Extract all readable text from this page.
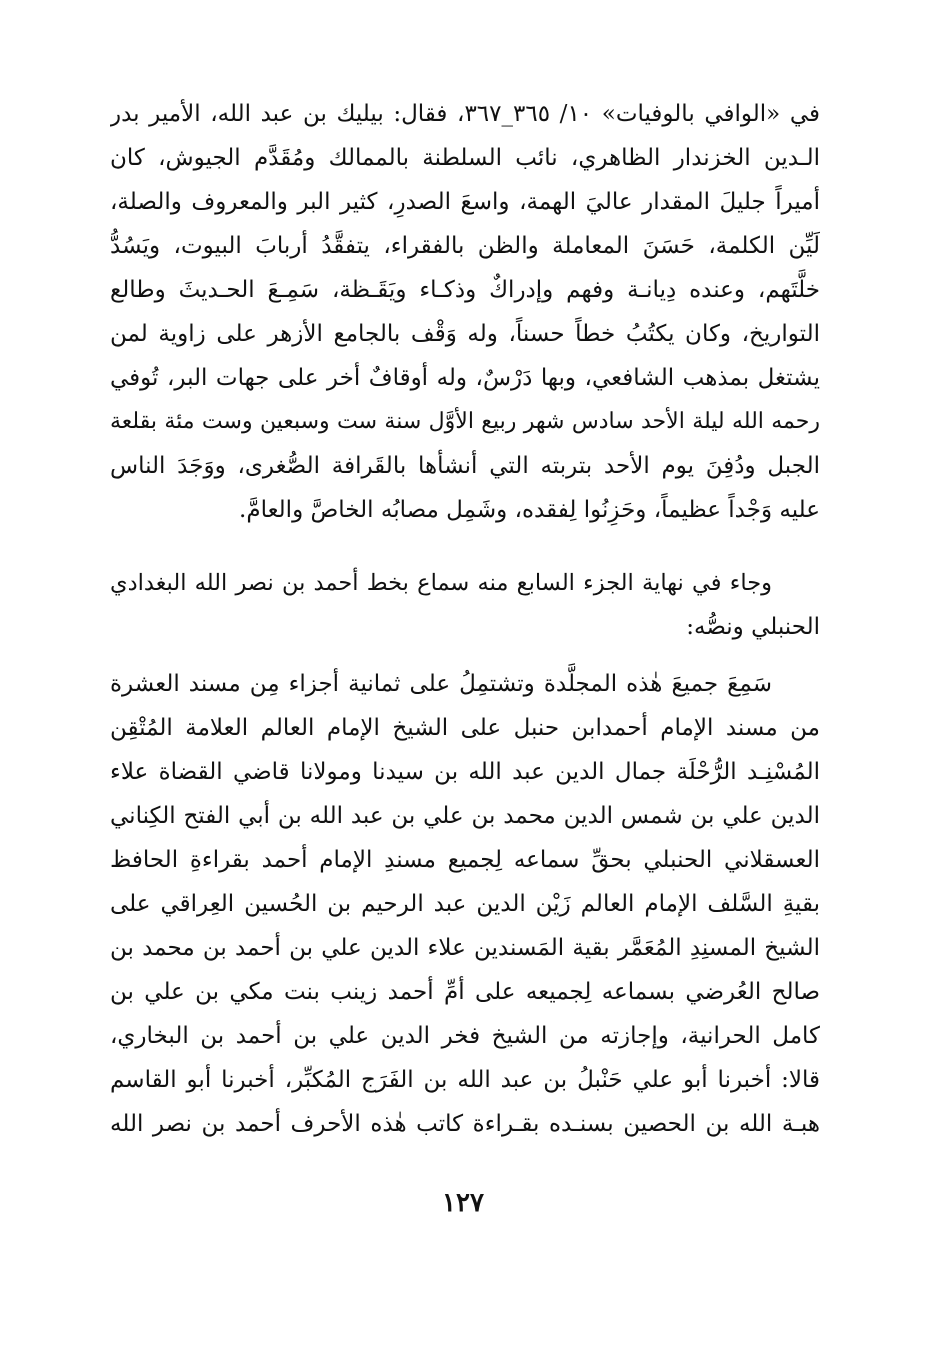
في «الوافي بالوفيات» ١٠/ ٣٦٥_٣٦٧، فقال: بيليك بن عبد الله، الأمير بدر
الـدين الخزندار الظاهري، نائب السلطنة بالممالك ومُقَدَّم الجيوش، كان
أميراً جليلَ المقدار عاليَ الهمة، واسعَ الصدرِ، كثير البر والمعروف والصلة،
لَيِّن الكلمة، حَسَنَ المعاملة والظن بالفقراء، يتفقَّدُ أربابَ البيوت، ويَسُدُّ
خلَّتَهم، وعنده دِيانـة وفهم وإدراكٌ وذكـاء ويَقَـظة، سَمِـعَ الحـديثَ وطالع
التواريخ، وكان يكتُبُ خطاً حسناً، وله وَقْف بالجامع الأزهر على زاوية لمن
يشتغل بمذهب الشافعي، وبها دَرْسٌ، وله أوقافٌ أخر على جهات البر، تُوفي
رحمه الله ليلة الأحد سادس شهر ربيع الأوَّل سنة ست وسبعين وست مئة بقلعة
الجبل ودُفِنَ يوم الأحد بتربته التي أنشأها بالقَرافة الصُّغرى، ووَجَدَ الناس
عليه وَجْداً عظيماً، وحَزِنُوا لِفقده، وشَمِل مصابُه الخاصَّ والعامَّ.
وجاء في نهاية الجزء السابع منه سماع بخط أحمد بن نصر الله البغدادي
الحنبلي ونصُّه:
سَمِعَ جميعَ هٰذه المجلَّدة وتشتمِلُ على ثمانية أجزاء مِن مسند العشرة
من مسند الإمام أحمدابن حنبل على الشيخ الإمام العالم العلامة المُتْقِن
المُسْنِـد الرُّحْلَة جمال الدين عبد الله بن سيدنا ومولانا قاضي القضاة علاء
الدين علي بن شمس الدين محمد بن علي بن عبد الله بن أبي الفتح الكِناني
العسقلاني الحنبلي بحقِّ سماعه لِجميع مسندِ الإمام أحمد بقراءةِ الحافظ
بقيةِ السَّلف الإمام العالم زَيْن الدين عبد الرحيم بن الحُسين العِراقي على
الشيخ المسنِدِ المُعَمَّر بقية المَسندين علاء الدين علي بن أحمد بن محمد بن
صالح العُرضي بسماعه لِجميعه على أمِّ أحمد زينب بنت مكي بن علي بن
كامل الحرانية، وإجازته من الشيخ فخر الدين علي بن أحمد بن البخاري،
قالا: أخبرنا أبو علي حَنْبلُ بن عبد الله بن الفَرَج المُكبِّر، أخبرنا أبو القاسم
هبـة الله بن الحصين بسنـده بقـراءة كاتب هٰذه الأحرف أحمد بن نصر الله
١٢٧
